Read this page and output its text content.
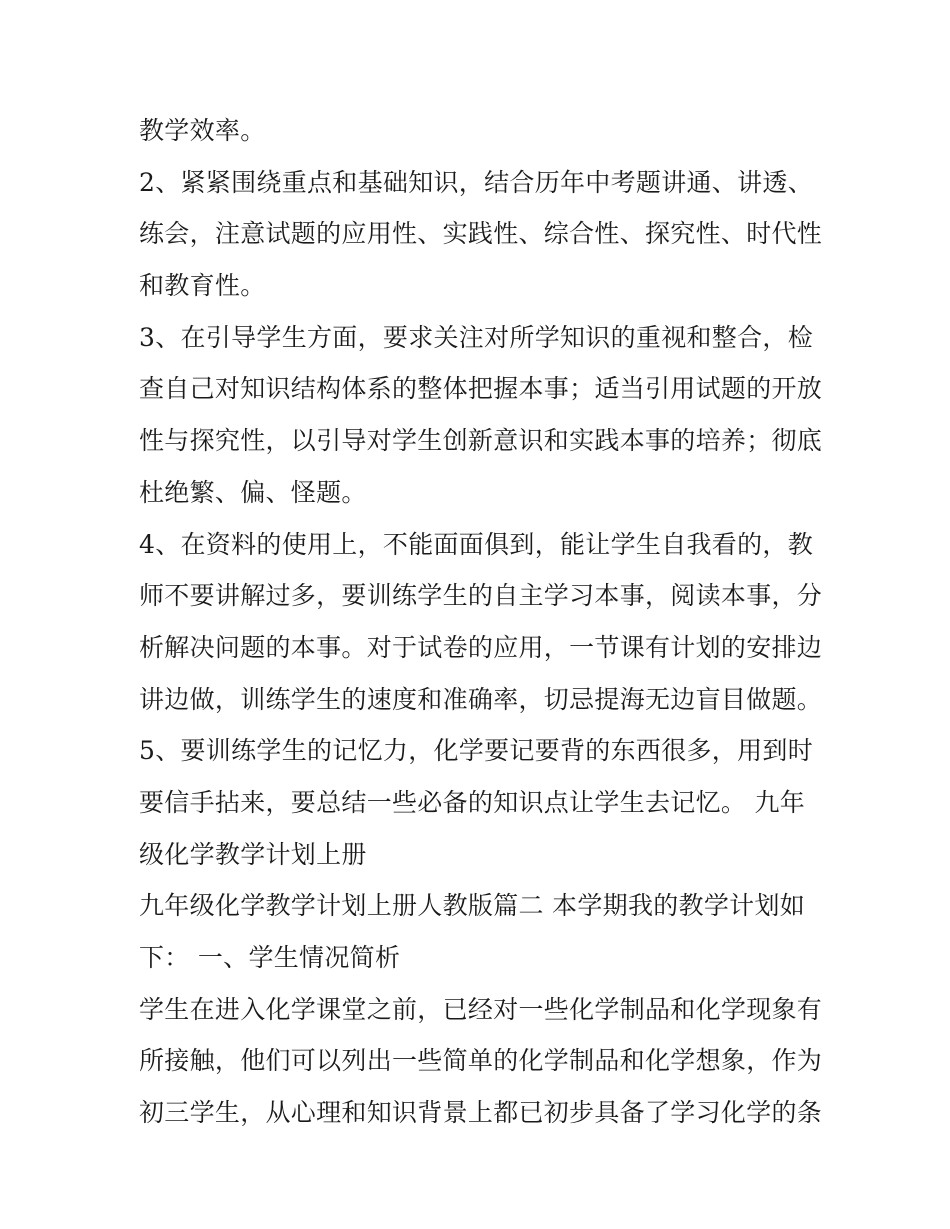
教学效率。
2、紧紧围绕重点和基础知识，结合历年中考题讲通、讲透、
练会，注意试题的应用性、实践性、综合性、探究性、时代性
和教育性。
3、在引导学生方面，要求关注对所学知识的重视和整合，检
查自己对知识结构体系的整体把握本事；适当引用试题的开放
性与探究性，以引导对学生创新意识和实践本事的培养；彻底
杜绝繁、偏、怪题。
4、在资料的使用上，不能面面俱到，能让学生自我看的，教
师不要讲解过多，要训练学生的自主学习本事，阅读本事，分
析解决问题的本事。对于试卷的应用，一节课有计划的安排边
讲边做，训练学生的速度和准确率，切忌提海无边盲目做题。
5、要训练学生的记忆力，化学要记要背的东西很多，用到时
要信手拈来，要总结一些必备的知识点让学生去记忆。 九年
级化学教学计划上册
九年级化学教学计划上册人教版篇二 本学期我的教学计划如
下： 一、学生情况简析
学生在进入化学课堂之前，已经对一些化学制品和化学现象有
所接触，他们可以列出一些简单的化学制品和化学想象，作为
初三学生，从心理和知识背景上都已初步具备了学习化学的条
